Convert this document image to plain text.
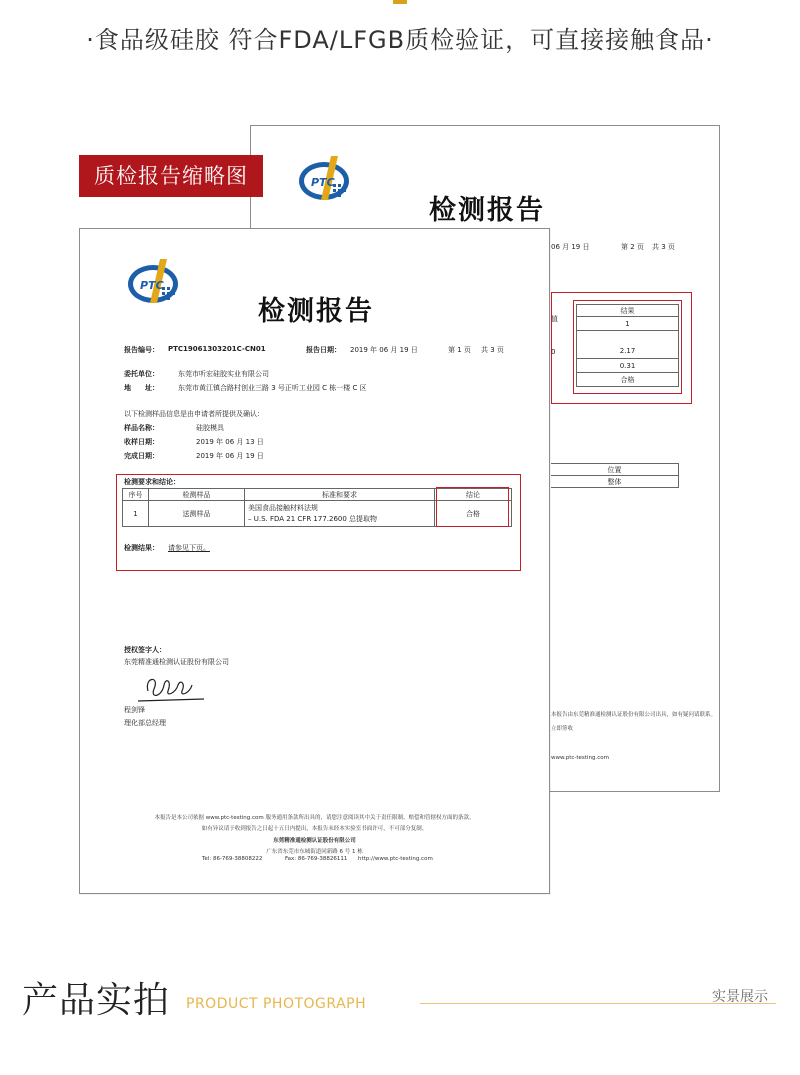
·食品级硅胶 符合FDA/LFGB质检验证，可直接接触食品·
PTC
检测报告
06 月 19 日	第 2 页 共 3 页
值
0
结果
1

2.17
0.31
合格
位置
整体
本报告由东莞精准通检测认证股份有限公司出具，如有疑问请联系。
立即签收
www.ptc-testing.com
质检报告缩略图
PTC
检测报告
报告编号： PTC19061303201C-CN01	报告日期： 2019 年 06 月 19 日	第 1 页 共 3 页
委托单位：	东莞市听宏硅胶实业有限公司
地　　址：	东莞市黄江镇合路村创业三路 3 号正听工业园 C 栋一楼 C 区
以下检测样品信息是由申请者所提供及确认：
样品名称：	硅胶模具
收样日期：	2019 年 06 月 13 日
完成日期：	2019 年 06 月 19 日
检测要求和结论：
序号	检测样品	标准和要求	结论
1	送测样品	美国食品接触材料法规
– U.S. FDA 21 CFR 177.2600 总提取物	合格
检测结果： 请参见下页。
授权签字人：
东莞精准通检测认证股份有限公司
程剑锋
理化部总经理
本报告是本公司依据 www.ptc-testing.com 服务通用条款所出具的，请您注意阅读其中关于责任限制、赔偿和管辖权方面的条款。
如有异议请于收到报告之日起十五日内提出，本报告未经本实验室书面许可，不可部分复制。
东莞精准通检测认证股份有限公司
广东省东莞市东城街道同新路 6 号 1 栋
Tel: 86-769-38808222	Fax: 86-769-38826111 http://www.ptc-testing.com
产品实拍 PRODUCT PHOTOGRAPH	实景展示
